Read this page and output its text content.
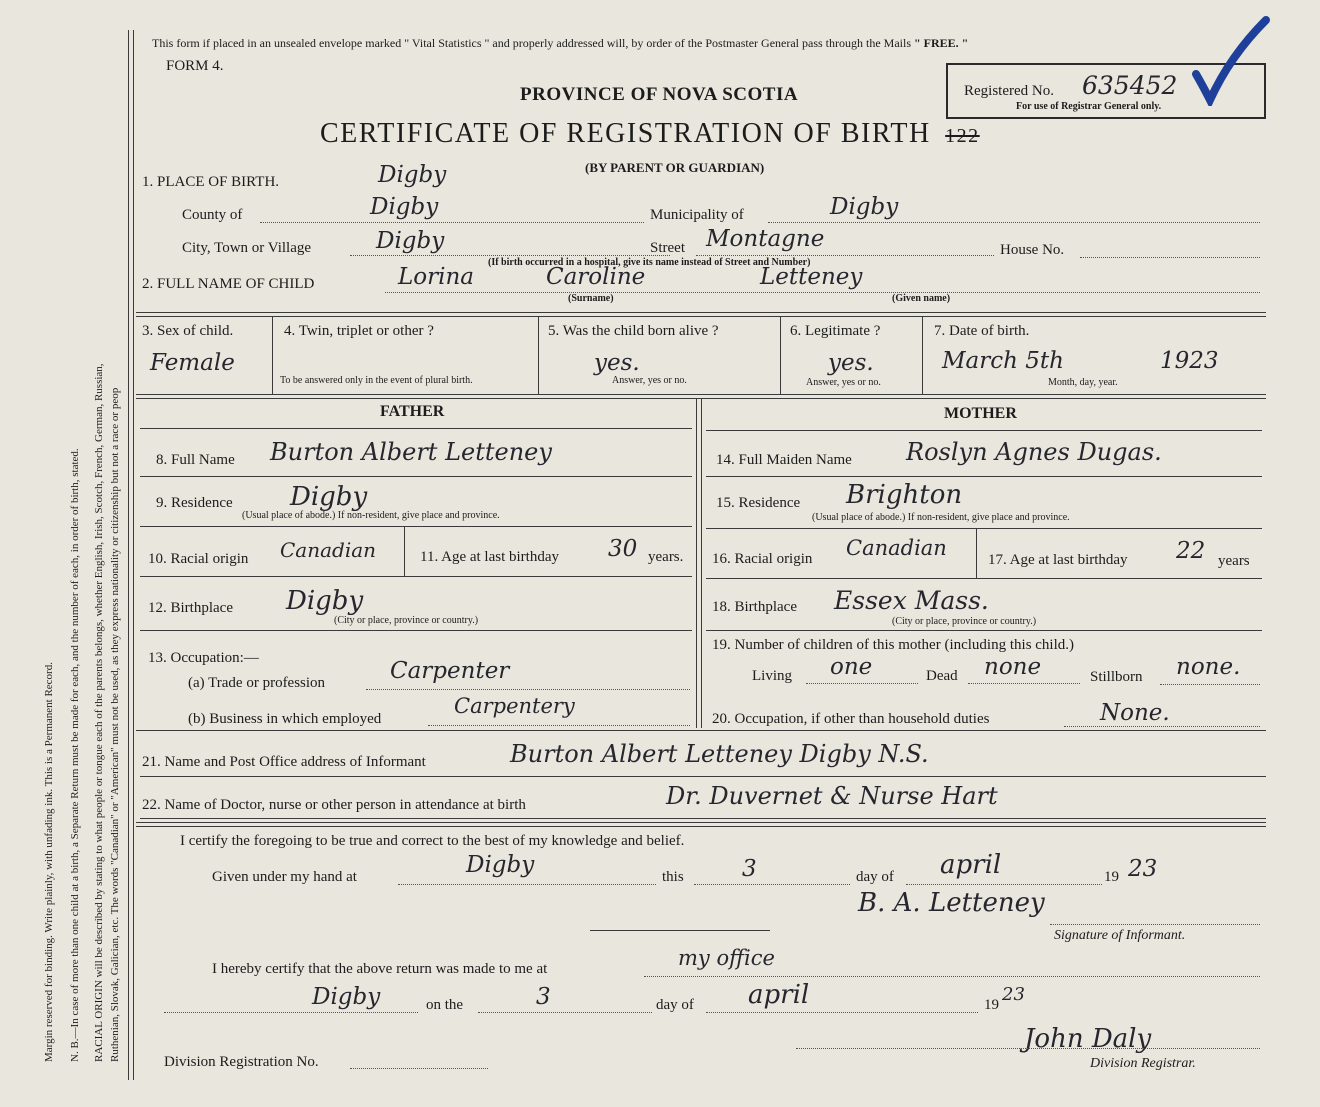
Margin reserved for binding. Write plainly, with unfading ink. This is a Permanent Record. N. B.—In case of more than one child at a birth, a Separate Return must be made for each, and the number of each, in order of birth, stated. RACIAL ORIGIN will be described by stating to what people or tongue each of the parents belongs, whether English, Irish, Scotch, French, German, Russian, Ruthenian, Slovak, Galician, etc. The words "Canadian" or "American" must not be used, as they express nationality or citizenship but not a race or peop
This form if placed in an unsealed envelope marked " Vital Statistics " and properly addressed will, by order of the Postmaster General pass through the Mails " FREE. "
FORM 4.
PROVINCE OF NOVA SCOTIA
CERTIFICATE OF REGISTRATION OF BIRTH 122
(BY PARENT OR GUARDIAN)
Registered No. 635452
For use of Registrar General only.
1. PLACE OF BIRTH.	Digby
County of	Digby	Municipality of	Digby
City, Town or Village	Digby	Street Montagne	House No.
(If birth occurred in a hospital, give its name instead of Street and Number)
2. FULL NAME OF CHILD	Lorina	Caroline	Letteney
(Surname)	(Given name)
3. Sex of child.
Female
4. Twin, triplet or other ?
To be answered only in the event of plural birth.
5. Was the child born alive ?
yes.
Answer, yes or no.
6. Legitimate ?
yes.
Answer, yes or no.
7. Date of birth.
March 5th	1923
Month, day, year.
FATHER	MOTHER
8. Full Name Burton Albert Letteney
9. Residence Digby
(Usual place of abode.) If non-resident, give place and province.
10. Racial origin Canadian	11. Age at last birthday 30 years.
12. Birthplace Digby
(City or place, province or country.)
13. Occupation:—
(a) Trade or profession	Carpenter
(b) Business in which employed
Carpentery
14. Full Maiden Name Roslyn Agnes Dugas.
15. Residence Brighton
(Usual place of abode.) If non-resident, give place and province.
16. Racial origin Canadian	17. Age at last birthday 22 years
18. Birthplace Essex Mass.
(City or place, province or country.)
19. Number of children of this mother (including this child.)
Living one	Dead none	Stillborn none.
20. Occupation, if other than household duties	None.
21. Name and Post Office address of Informant	Burton Albert Letteney Digby N.S.
22. Name of Doctor, nurse or other person in attendance at birth	Dr. Duvernet & Nurse Hart
I certify the foregoing to be true and correct to the best of my knowledge and belief.
Given under my hand at	Digby	this	3	day of april	19 23
B. A. Letteney
Signature of Informant.
I hereby certify that the above return was made to me at	my office
Digby	on the	3	day of april	19 23
Division Registration No.
John Daly
Division Registrar.
